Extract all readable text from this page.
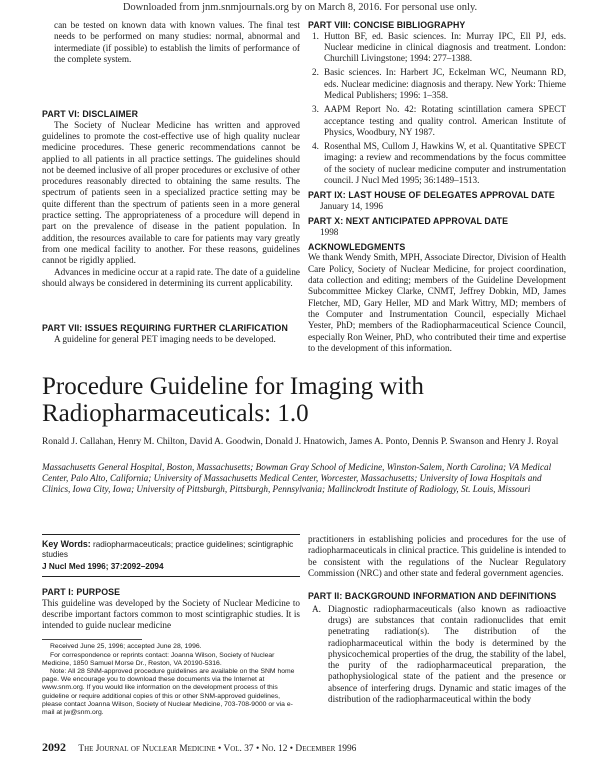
Downloaded from jnm.snmjournals.org by on March 8, 2016. For personal use only.

can be tested on known data with known values. The final test needs to be performed on many studies: normal, abnormal and intermediate (if possible) to establish the limits of performance of the complete system.

PART VI: DISCLAIMER

The Society of Nuclear Medicine has written and approved guidelines to promote the cost-effective use of high quality nuclear medicine procedures. These generic recommendations cannot be applied to all patients in all practice settings. The guidelines should not be deemed inclusive of all proper procedures or exclusive of other procedures reasonably directed to obtaining the same results. The spectrum of patients seen in a specialized practice setting may be quite different than the spectrum of patients seen in a more general practice setting. The appropriateness of a procedure will depend in part on the prevalence of disease in the patient population. In addition, the resources available to care for patients may vary greatly from one medical facility to another. For these reasons, guidelines cannot be rigidly applied.

Advances in medicine occur at a rapid rate. The date of a guideline should always be considered in determining its current applicability.

PART VII: ISSUES REQUIRING FURTHER CLARIFICATION

A guideline for general PET imaging needs to be developed.

PART VIII: CONCISE BIBLIOGRAPHY
1. Hutton BF, ed. Basic sciences. In: Murray IPC, Ell PJ, eds. Nuclear medicine in clinical diagnosis and treatment. London: Churchill Livingstone; 1994: 277–1388.
2. Basic sciences. In: Harbert JC, Eckelman WC, Neumann RD, eds. Nuclear medicine: diagnosis and therapy. New York: Thieme Medical Publishers; 1996: 1–358.
3. AAPM Report No. 42: Rotating scintillation camera SPECT acceptance testing and quality control. American Institute of Physics, Woodbury, NY 1987.
4. Rosenthal MS, Cullom J, Hawkins W, et al. Quantitative SPECT imaging: a review and recommendations by the focus committee of the society of nuclear medicine computer and instrumentation council. J Nucl Med 1995; 36:1489–1513.
PART IX: LAST HOUSE OF DELEGATES APPROVAL DATE
January 14, 1996
PART X: NEXT ANTICIPATED APPROVAL DATE
1998
ACKNOWLEDGMENTS

We thank Wendy Smith, MPH, Associate Director, Division of Health Care Policy, Society of Nuclear Medicine, for project coordination, data collection and editing; members of the Guideline Development Subcommittee Mickey Clarke, CNMT, Jeffrey Dobkin, MD, James Fletcher, MD, Gary Heller, MD and Mark Wittry, MD; members of the Computer and Instrumentation Council, especially Michael Yester, PhD; members of the Radiopharmaceutical Science Council, especially Ron Weiner, PhD, who contributed their time and expertise to the development of this information.

Procedure Guideline for Imaging with Radiopharmaceuticals: 1.0
Ronald J. Callahan, Henry M. Chilton, David A. Goodwin, Donald J. Hnatowich, James A. Ponto, Dennis P. Swanson and Henry J. Royal
Massachusetts General Hospital, Boston, Massachusetts; Bowman Gray School of Medicine, Winston-Salem, North Carolina; VA Medical Center, Palo Alto, California; University of Massachusetts Medical Center, Worcester, Massachusetts; University of Iowa Hospitals and Clinics, Iowa City, Iowa; University of Pittsburgh, Pittsburgh, Pennsylvania; Mallinckrodt Institute of Radiology, St. Louis, Missouri
Key Words: radiopharmaceuticals; practice guidelines; scintigraphic studies
J Nucl Med 1996; 37:2092–2094
PART I: PURPOSE

This guideline was developed by the Society of Nuclear Medicine to describe important factors common to most scintigraphic studies. It is intended to guide nuclear medicine

Received June 25, 1996; accepted June 28, 1996.
For correspondence or reprints contact: Joanna Wilson, Society of Nuclear Medicine, 1850 Samuel Morse Dr., Reston, VA 20190-5316.
Note: All 28 SNM-approved procedure guidelines are available on the SNM home page. We encourage you to download these documents via the Internet at www.snm.org. If you would like information on the development process of this guideline or require additional copies of this or other SNM-approved guidelines, please contact Joanna Wilson, Society of Nuclear Medicine, 703-708-9000 or via e-mail at jw@snm.org.

practitioners in establishing policies and procedures for the use of radiopharmaceuticals in clinical practice. This guideline is intended to be consistent with the regulations of the Nuclear Regulatory Commission (NRC) and other state and federal government agencies.

PART II: BACKGROUND INFORMATION AND DEFINITIONS
A. Diagnostic radiopharmaceuticals (also known as radioactive drugs) are substances that contain radionuclides that emit penetrating radiation(s). The distribution of the radiopharmaceutical within the body is determined by the physicochemical properties of the drug, the stability of the label, the purity of the radiopharmaceutical preparation, the pathophysiological state of the patient and the presence or absence of interfering drugs. Dynamic and static images of the distribution of the radiopharmaceutical within the body
2092 The Journal of Nuclear Medicine • Vol. 37 • No. 12 • December 1996
